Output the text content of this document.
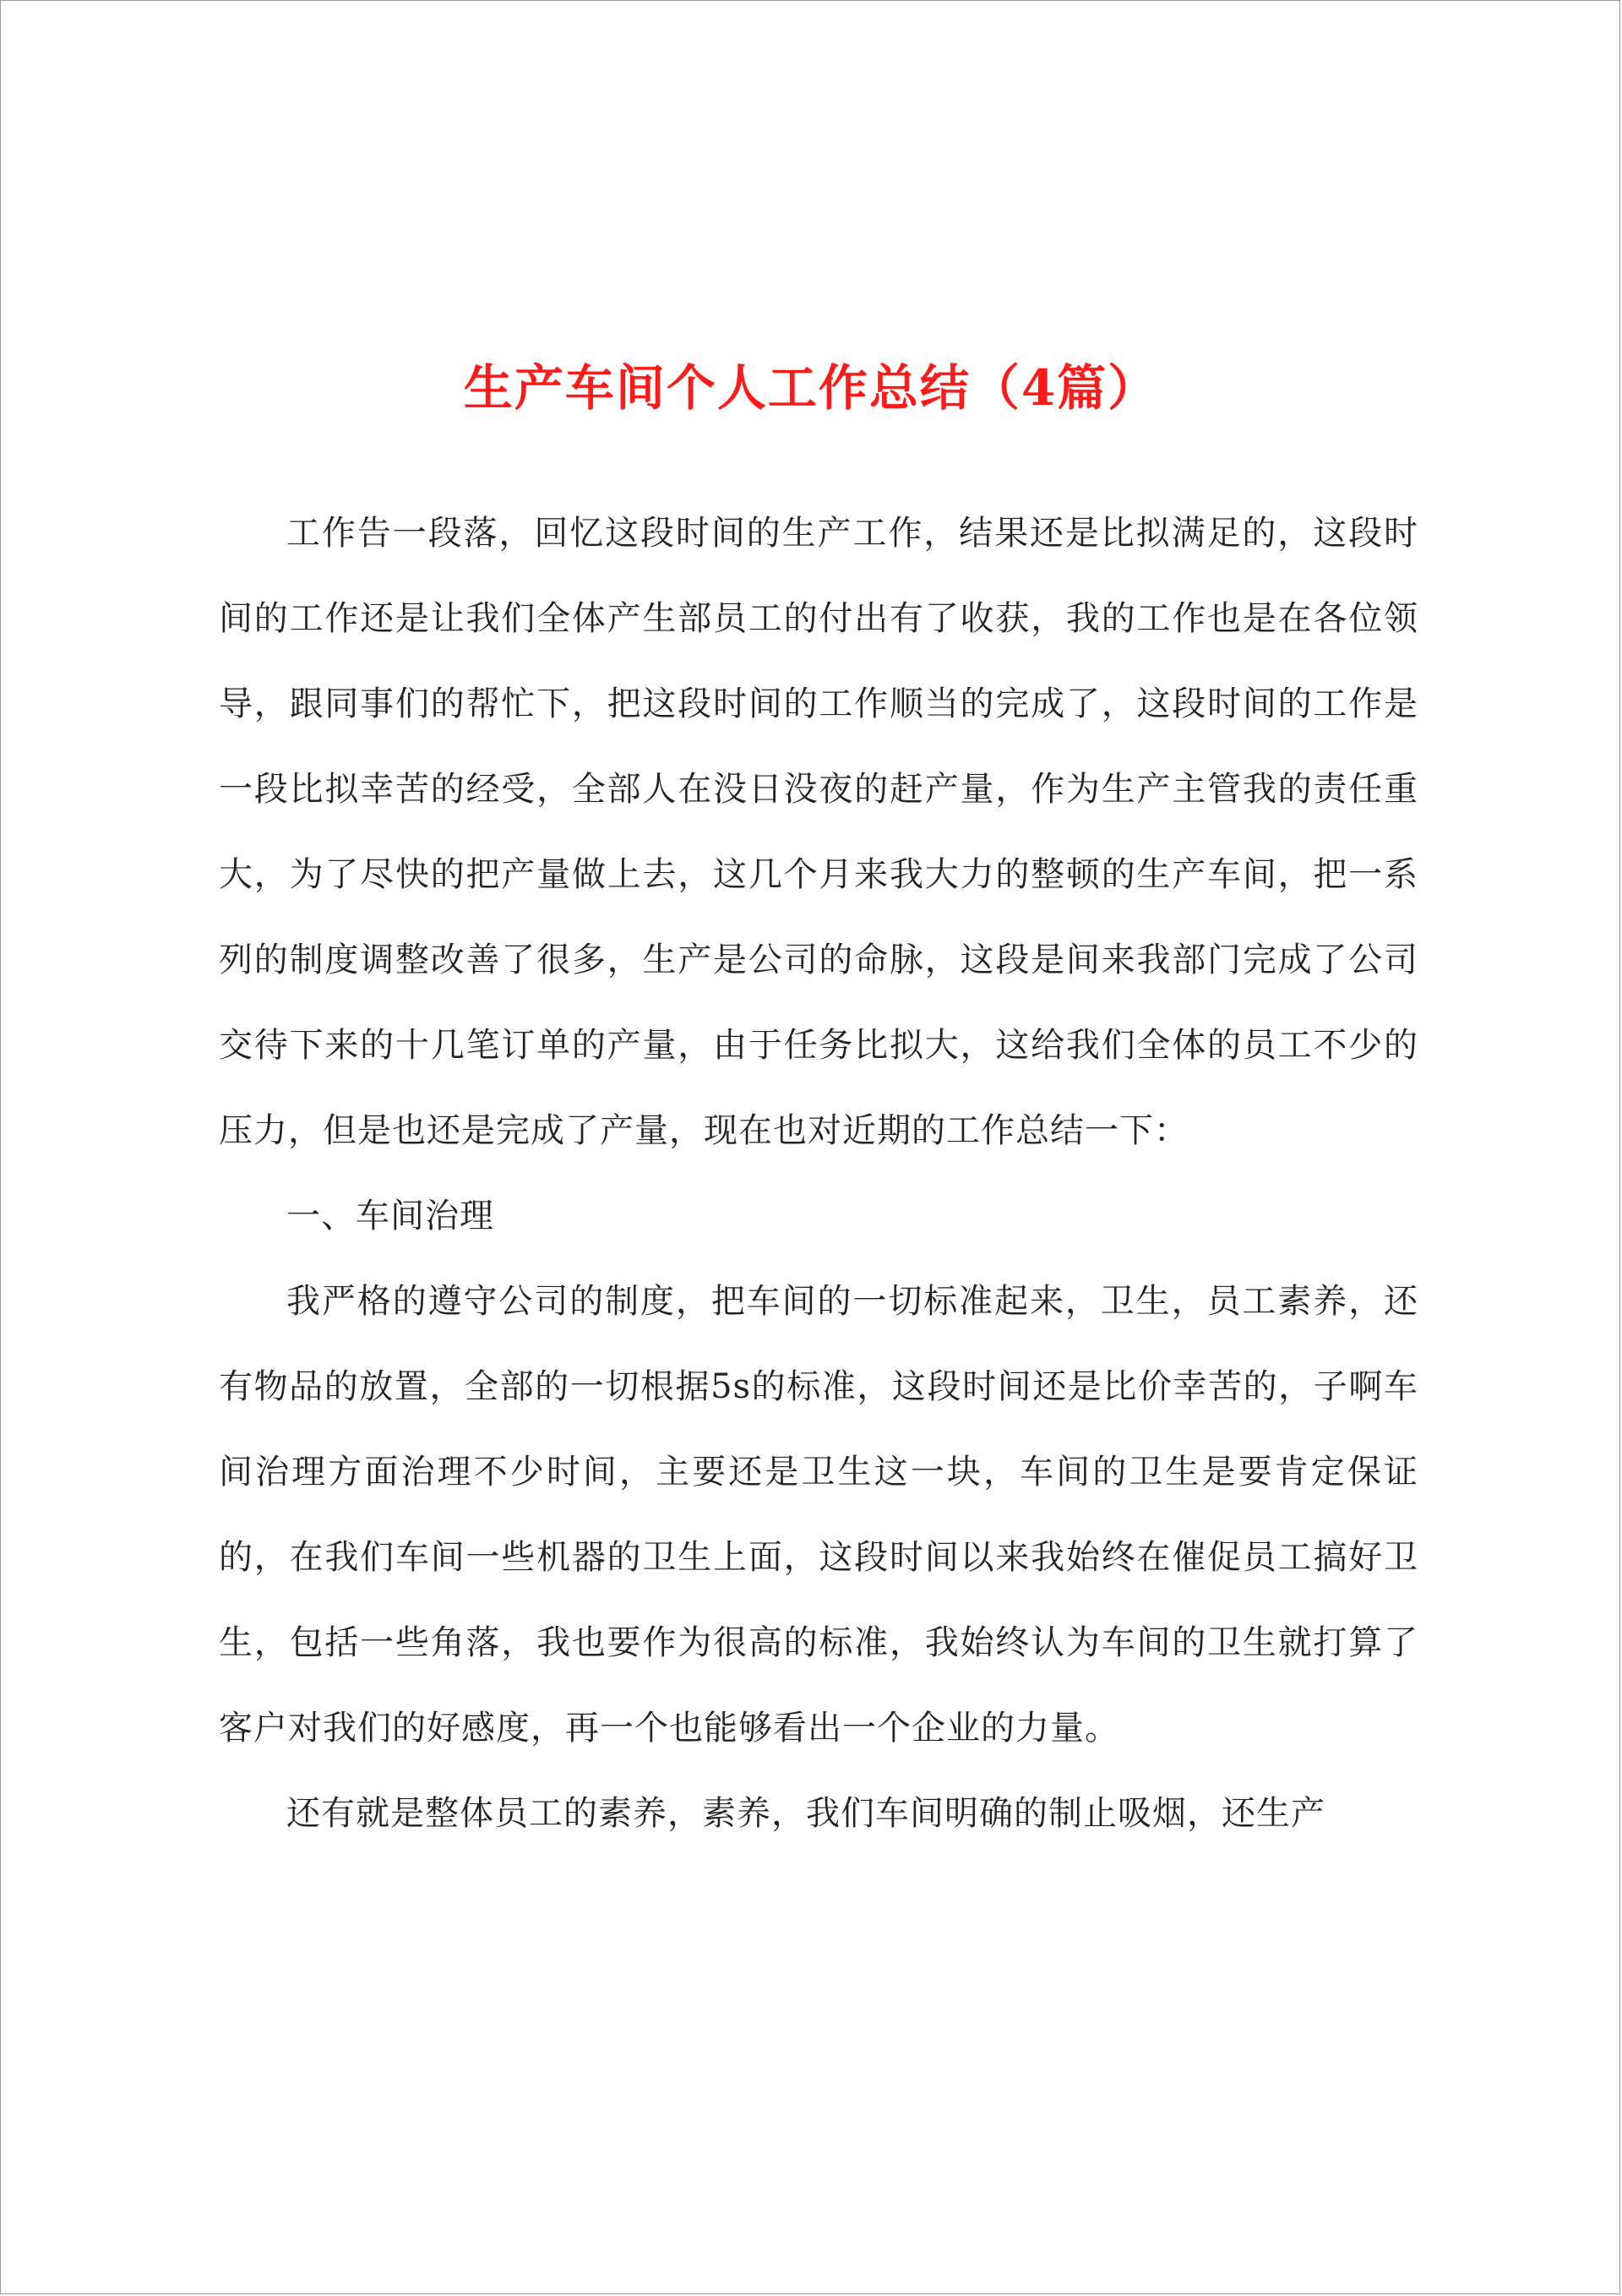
生产车间个人工作总结（4篇）

工作告一段落，回忆这段时间的生产工作，结果还是比拟满足的，这段时间的工作还是让我们全体产生部员工的付出有了收获，我的工作也是在各位领导，跟同事们的帮忙下，把这段时间的工作顺当的完成了，这段时间的工作是一段比拟幸苦的经受，全部人在没日没夜的赶产量，作为生产主管我的责任重大，为了尽快的把产量做上去，这几个月来我大力的整顿的生产车间，把一系列的制度调整改善了很多，生产是公司的命脉，这段是间来我部门完成了公司交待下来的十几笔订单的产量，由于任务比拟大，这给我们全体的员工不少的压力，但是也还是完成了产量，现在也对近期的工作总结一下：

一、车间治理

我严格的遵守公司的制度，把车间的一切标准起来，卫生，员工素养，还有物品的放置，全部的一切根据5s的标准，这段时间还是比价幸苦的，子啊车间治理方面治理不少时间，主要还是卫生这一块，车间的卫生是要肯定保证的，在我们车间一些机器的卫生上面，这段时间以来我始终在催促员工搞好卫生，包括一些角落，我也要作为很高的标准，我始终认为车间的卫生就打算了客户对我们的好感度，再一个也能够看出一个企业的力量。

还有就是整体员工的素养，素养，我们车间明确的制止吸烟，还生产
